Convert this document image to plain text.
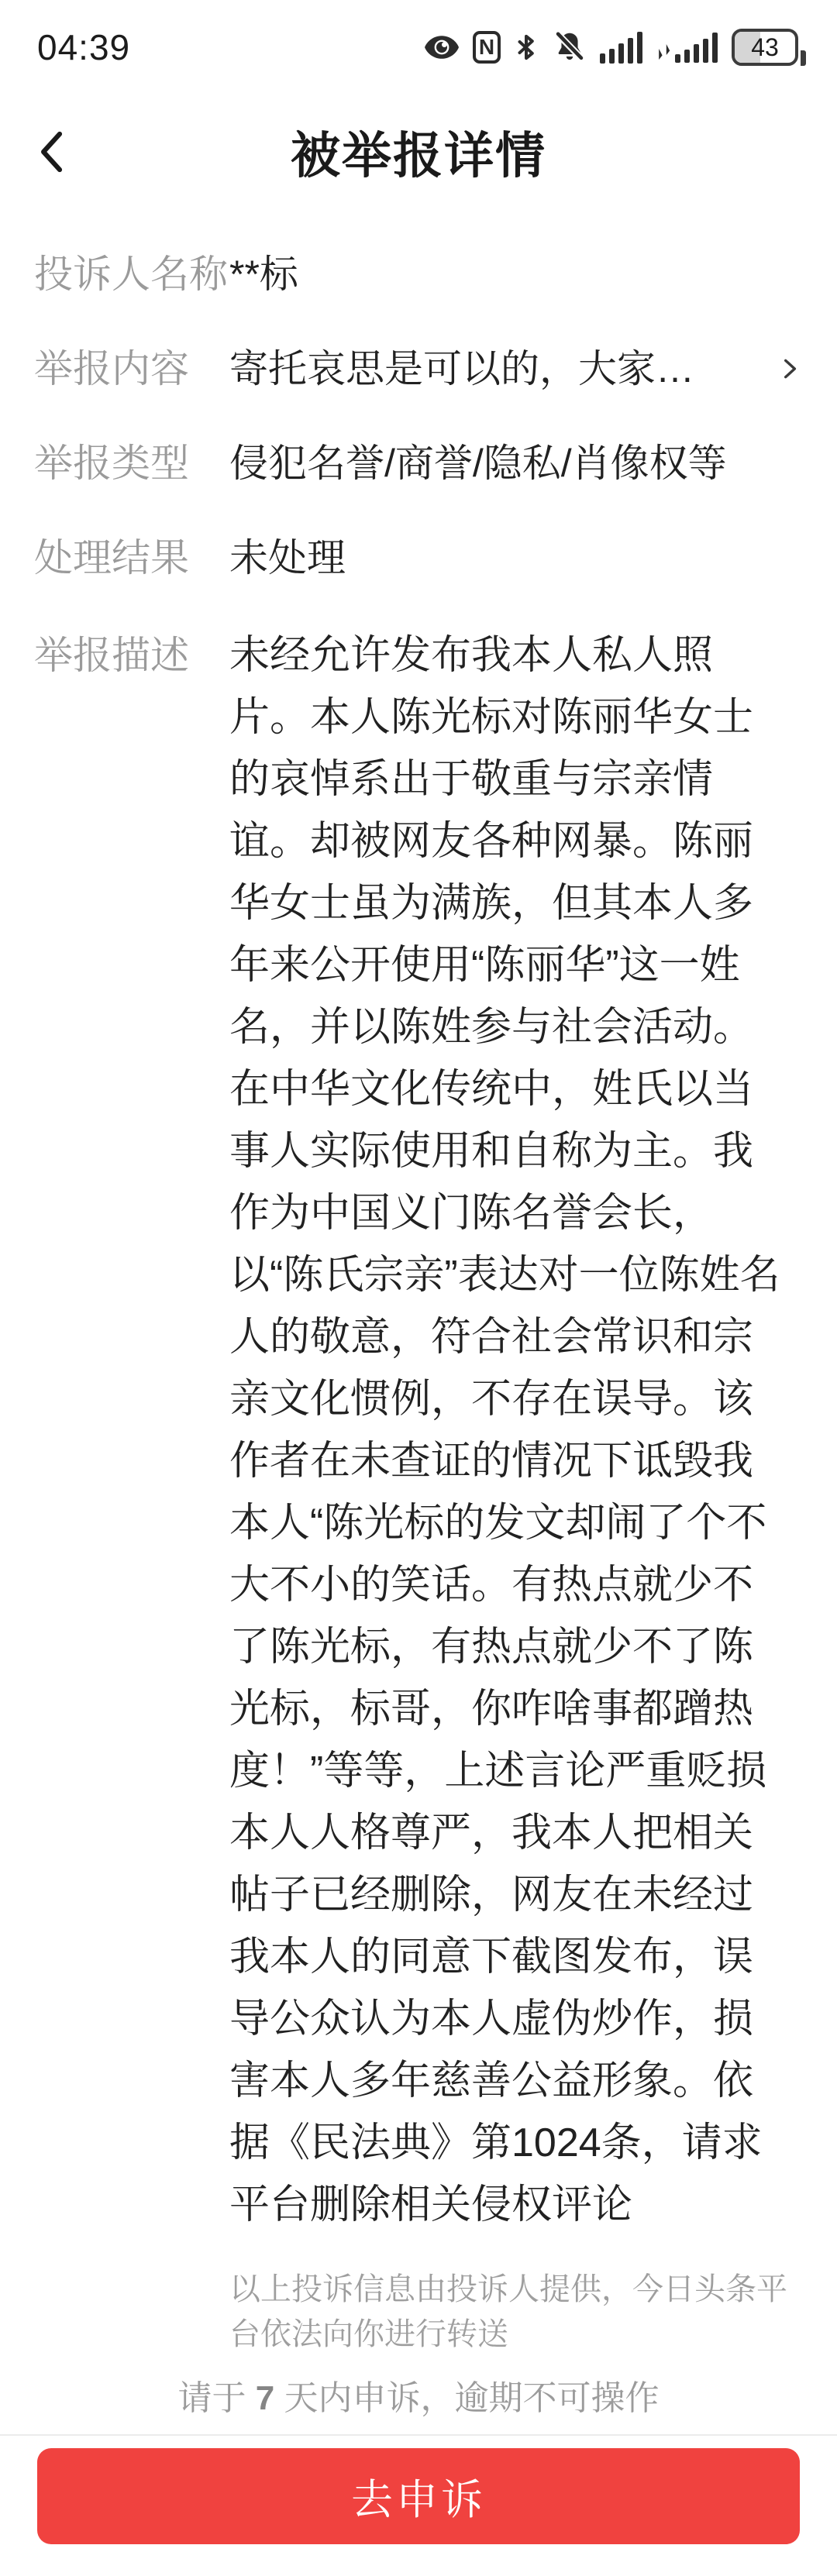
04:39	N	43
被举报详情
投诉人名称 **标
举报内容	寄托哀思是可以的，大家…
举报类型	侵犯名誉/商誉/隐私/肖像权等
处理结果	未处理
举报描述	未经允许发布我本人私人照片。本人陈光标对陈丽华女士的哀悼系出于敬重与宗亲情谊。却被网友各种网暴。陈丽华女士虽为满族，但其本人多年来公开使用“陈丽华”这一姓名，并以陈姓参与社会活动。在中华文化传统中，姓氏以当事人实际使用和自称为主。我作为中国义门陈名誉会长，以“陈氏宗亲”表达对一位陈姓名人的敬意，符合社会常识和宗亲文化惯例，不存在误导。该作者在未查证的情况下诋毁我本人“陈光标的发文却闹了个不大不小的笑话。有热点就少不了陈光标，有热点就少不了陈光标，标哥，你咋啥事都蹭热度！”等等，上述言论严重贬损本人人格尊严，我本人把相关帖子已经删除，网友在未经过我本人的同意下截图发布，误导公众认为本人虚伪炒作，损害本人多年慈善公益形象。依据《民法典》第1024条，请求平台删除相关侵权评论
以上投诉信息由投诉人提供，今日头条平台依法向你进行转送
请于 7 天内申诉，逾期不可操作
去申诉
